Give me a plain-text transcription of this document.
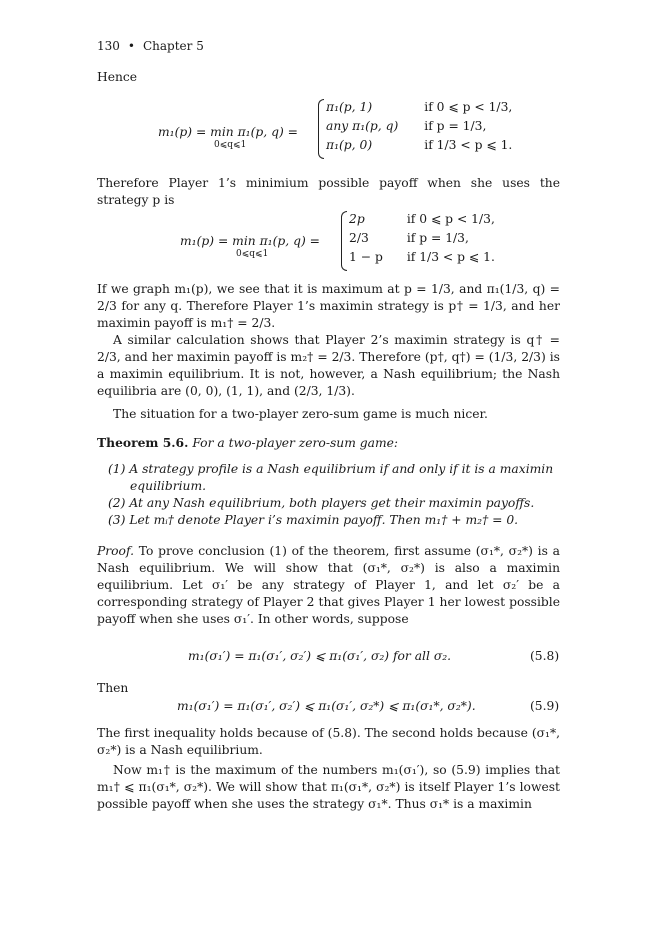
130 • Chapter 5
Hence
m₁(p) = min π₁(p, q) =
0⩽q⩽1
π₁(p, 1)	if 0 ⩽ p < 1/3,
any π₁(p, q)	if p = 1/3,
π₁(p, 0)	if 1/3 < p ⩽ 1.
Therefore Player 1’s minimium possible payoff when she uses the strategy p is
m₁(p) = min π₁(p, q) =
0⩽q⩽1
2p	if 0 ⩽ p < 1/3,
2/3	if p = 1/3,
1 − p	if 1/3 < p ⩽ 1.
If we graph m₁(p), we see that it is maximum at p = 1/3, and π₁(1/3, q) = 2/3 for any q. Therefore Player 1’s maximin strategy is p† = 1/3, and her maximin payoff is m₁† = 2/3.
A similar calculation shows that Player 2’s maximin strategy is q† = 2/3, and her maximin payoff is m₂† = 2/3. Therefore (p†, q†) = (1/3, 2/3) is a maximin equilibrium. It is not, however, a Nash equilibrium; the Nash equilibria are (0, 0), (1, 1), and (2/3, 1/3).
The situation for a two-player zero-sum game is much nicer.
Theorem 5.6. For a two-player zero-sum game:
(1) A strategy profile is a Nash equilibrium if and only if it is a maximin equilibrium.
(2) At any Nash equilibrium, both players get their maximin payoffs.
(3) Let mᵢ† denote Player i’s maximin payoff. Then m₁† + m₂† = 0.
Proof. To prove conclusion (1) of the theorem, first assume (σ₁*, σ₂*) is a Nash equilibrium. We will show that (σ₁*, σ₂*) is also a maximin equilibrium. Let σ₁′ be any strategy of Player 1, and let σ₂′ be a corresponding strategy of Player 2 that gives Player 1 her lowest possible payoff when she uses σ₁′. In other words, suppose
m₁(σ₁′) = π₁(σ₁′, σ₂′) ⩽ π₁(σ₁′, σ₂) for all σ₂.	(5.8)
Then
m₁(σ₁′) = π₁(σ₁′, σ₂′) ⩽ π₁(σ₁′, σ₂*) ⩽ π₁(σ₁*, σ₂*).	(5.9)
The first inequality holds because of (5.8). The second holds because (σ₁*, σ₂*) is a Nash equilibrium.
Now m₁† is the maximum of the numbers m₁(σ₁′), so (5.9) implies that m₁† ⩽ π₁(σ₁*, σ₂*). We will show that π₁(σ₁*, σ₂*) is itself Player 1’s lowest possible payoff when she uses the strategy σ₁*. Thus σ₁* is a maximin
